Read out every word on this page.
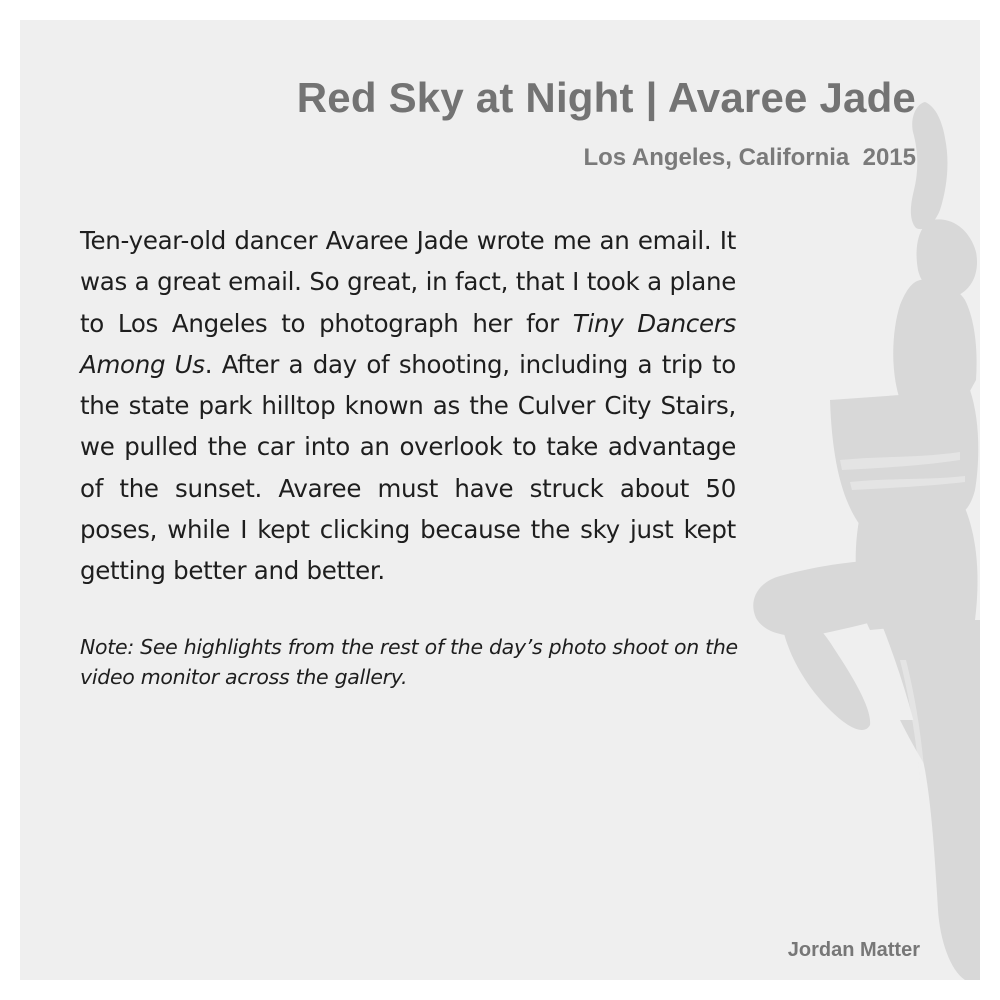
Red Sky at Night | Avaree Jade

Los Angeles, California  2015

Ten-year-old dancer Avaree Jade wrote me an email. It was a great email. So great, in fact, that I took a plane to Los Angeles to photograph her for Tiny Dancers Among Us. After a day of shooting, including a trip to the state park hilltop known as the Culver City Stairs, we pulled the car into an overlook to take advantage of the sunset. Avaree must have struck about 50 poses, while I kept clicking because the sky just kept getting better and better.

Note: See highlights from the rest of the day’s photo shoot on the video monitor across the gallery.

Jordan Matter
